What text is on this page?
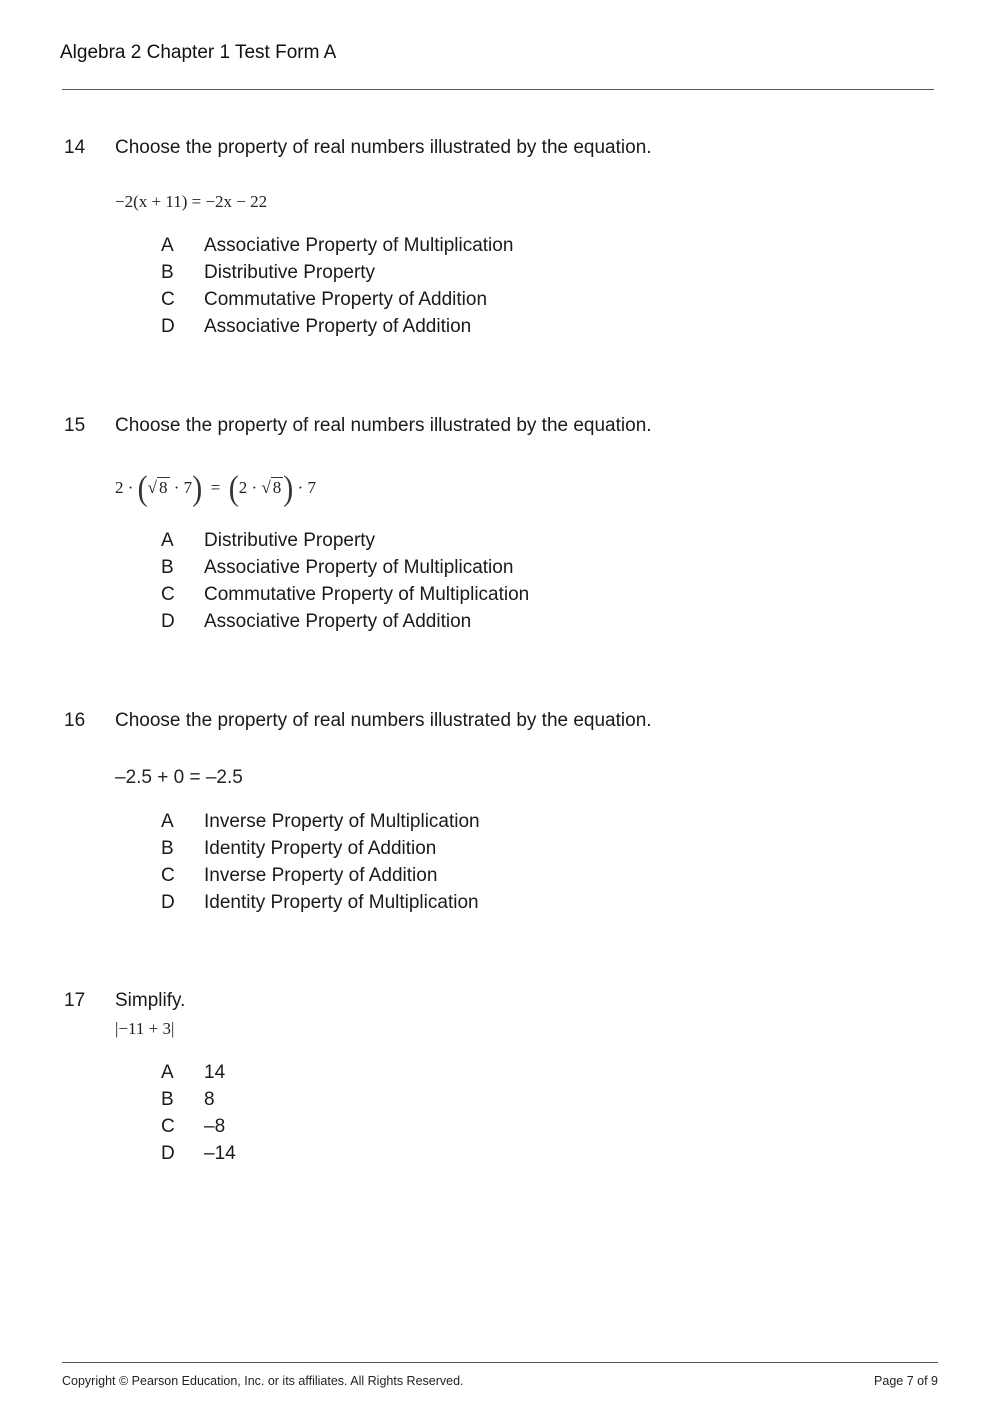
Algebra 2 Chapter 1 Test Form A
14 Choose the property of real numbers illustrated by the equation.
−2(x + 11) = −2x − 22
A Associative Property of Multiplication
B Distributive Property
C Commutative Property of Addition
D Associative Property of Addition
15 Choose the property of real numbers illustrated by the equation.
2 · (√ 8 · 7) = (2 · √ 8) · 7
A Distributive Property
B Associative Property of Multiplication
C Commutative Property of Multiplication
D Associative Property of Addition
16 Choose the property of real numbers illustrated by the equation.
–2.5 + 0 = –2.5
A Inverse Property of Multiplication
B Identity Property of Addition
C Inverse Property of Addition
D Identity Property of Multiplication
17 Simplify.
|−11 + 3|
A 14
B 8
C –8
D –14
Copyright © Pearson Education, Inc. or its affiliates. All Rights Reserved.	Page 7 of 9
